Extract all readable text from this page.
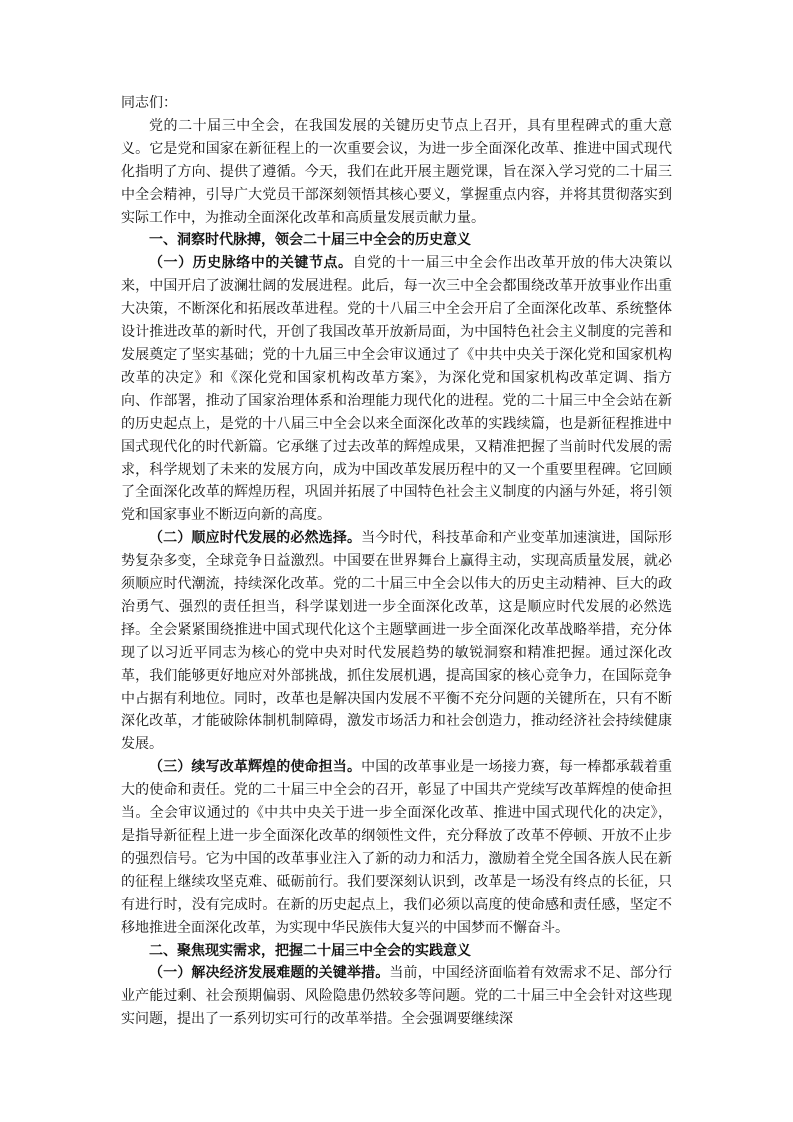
同志们：

党的二十届三中全会，在我国发展的关键历史节点上召开，具有里程碑式的重大意义。它是党和国家在新征程上的一次重要会议，为进一步全面深化改革、推进中国式现代化指明了方向、提供了遵循。今天，我们在此开展主题党课，旨在深入学习党的二十届三中全会精神，引导广大党员干部深刻领悟其核心要义，掌握重点内容，并将其贯彻落实到实际工作中，为推动全面深化改革和高质量发展贡献力量。

一、洞察时代脉搏，领会二十届三中全会的历史意义

（一）历史脉络中的关键节点。自党的十一届三中全会作出改革开放的伟大决策以来，中国开启了波澜壮阔的发展进程。此后，每一次三中全会都围绕改革开放事业作出重大决策，不断深化和拓展改革进程。党的十八届三中全会开启了全面深化改革、系统整体设计推进改革的新时代，开创了我国改革开放新局面，为中国特色社会主义制度的完善和发展奠定了坚实基础；党的十九届三中全会审议通过了《中共中央关于深化党和国家机构改革的决定》和《深化党和国家机构改革方案》，为深化党和国家机构改革定调、指方向、作部署，推动了国家治理体系和治理能力现代化的进程。党的二十届三中全会站在新的历史起点上，是党的十八届三中全会以来全面深化改革的实践续篇，也是新征程推进中国式现代化的时代新篇。它承继了过去改革的辉煌成果，又精准把握了当前时代发展的需求，科学规划了未来的发展方向，成为中国改革发展历程中的又一个重要里程碑。它回顾了全面深化改革的辉煌历程，巩固并拓展了中国特色社会主义制度的内涵与外延，将引领党和国家事业不断迈向新的高度。

（二）顺应时代发展的必然选择。当今时代，科技革命和产业变革加速演进，国际形势复杂多变，全球竞争日益激烈。中国要在世界舞台上赢得主动，实现高质量发展，就必须顺应时代潮流，持续深化改革。党的二十届三中全会以伟大的历史主动精神、巨大的政治勇气、强烈的责任担当，科学谋划进一步全面深化改革，这是顺应时代发展的必然选择。全会紧紧围绕推进中国式现代化这个主题擘画进一步全面深化改革战略举措，充分体现了以习近平同志为核心的党中央对时代发展趋势的敏锐洞察和精准把握。通过深化改革，我们能够更好地应对外部挑战，抓住发展机遇，提高国家的核心竞争力，在国际竞争中占据有利地位。同时，改革也是解决国内发展不平衡不充分问题的关键所在，只有不断深化改革，才能破除体制机制障碍，激发市场活力和社会创造力，推动经济社会持续健康发展。

（三）续写改革辉煌的使命担当。中国的改革事业是一场接力赛，每一棒都承载着重大的使命和责任。党的二十届三中全会的召开，彰显了中国共产党续写改革辉煌的使命担当。全会审议通过的《中共中央关于进一步全面深化改革、推进中国式现代化的决定》，是指导新征程上进一步全面深化改革的纲领性文件，充分释放了改革不停顿、开放不止步的强烈信号。它为中国的改革事业注入了新的动力和活力，激励着全党全国各族人民在新的征程上继续攻坚克难、砥砺前行。我们要深刻认识到，改革是一场没有终点的长征，只有进行时，没有完成时。在新的历史起点上，我们必须以高度的使命感和责任感，坚定不移地推进全面深化改革，为实现中华民族伟大复兴的中国梦而不懈奋斗。

二、聚焦现实需求，把握二十届三中全会的实践意义

（一）解决经济发展难题的关键举措。当前，中国经济面临着有效需求不足、部分行业产能过剩、社会预期偏弱、风险隐患仍然较多等问题。党的二十届三中全会针对这些现实问题，提出了一系列切实可行的改革举措。全会强调要继续深
